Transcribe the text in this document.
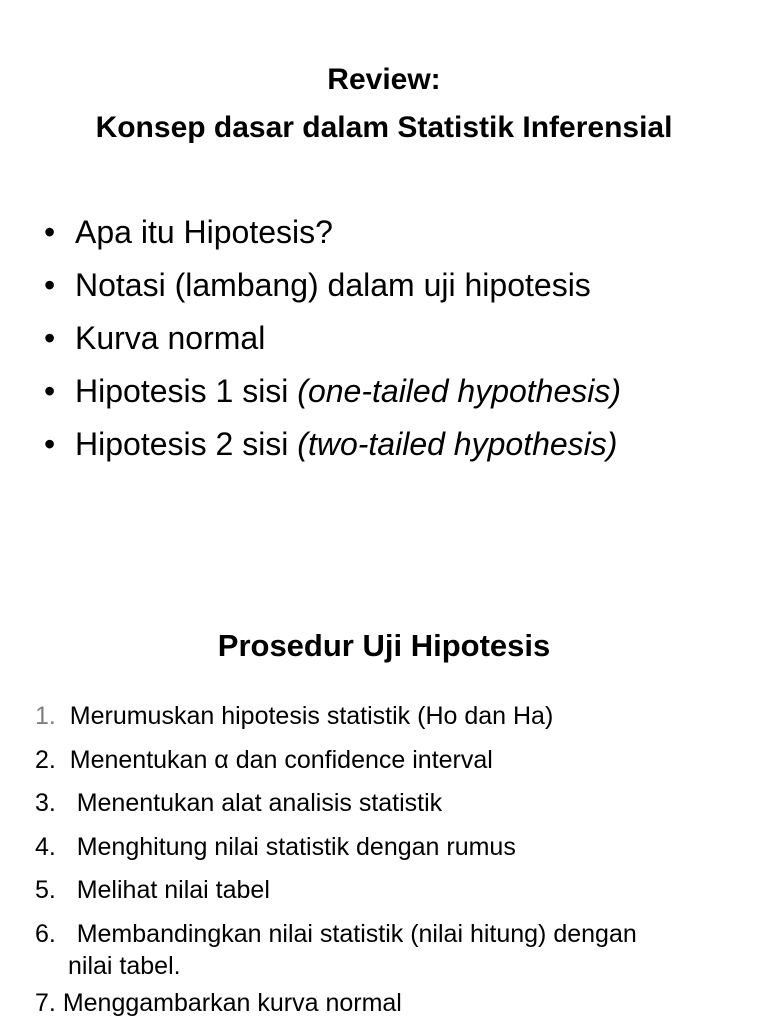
Review:
Konsep dasar dalam Statistik Inferensial
• Apa itu Hipotesis?
• Notasi (lambang) dalam uji hipotesis
• Kurva normal
• Hipotesis 1 sisi (one-tailed hypothesis)
• Hipotesis 2 sisi (two-tailed hypothesis)
Prosedur Uji Hipotesis
1. Merumuskan hipotesis statistik (Ho dan Ha)
2. Menentukan α dan confidence interval
3. Menentukan alat analisis statistik
4. Menghitung nilai statistik dengan rumus
5. Melihat nilai tabel
6. Membandingkan nilai statistik (nilai hitung) dengan
nilai tabel.
7. Menggambarkan kurva normal
